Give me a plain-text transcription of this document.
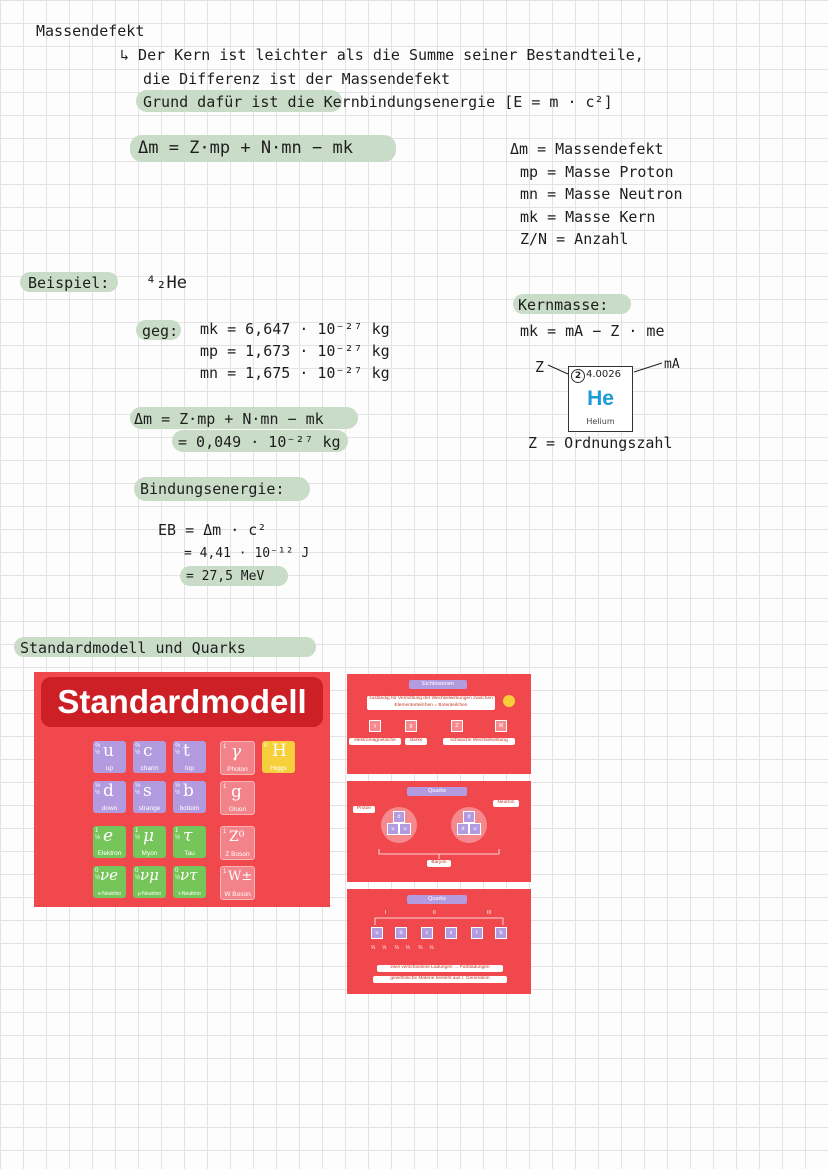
Massendefekt
↳ Der Kern ist leichter als die Summe seiner Bestandteile,
die Differenz ist der Massendefekt
Grund dafür ist die Kernbindungsenergie [E = m · c²]
Δm = Z·mp + N·mn − mk	Δm = Massendefekt
mp = Masse Proton
mn = Masse Neutron
mk = Masse Kern
Z/N = Anzahl
Beispiel: ⁴₂He
geg: mk = 6,647 · 10⁻²⁷ kg
mp = 1,673 · 10⁻²⁷ kg
mn = 1,675 · 10⁻²⁷ kg
Δm = Z·mp + N·mn − mk
= 0,049 · 10⁻²⁷ kg
Bindungsenergie:
EB = Δm · c²
= 4,41 · 10⁻¹² J
= 27,5 MeV
Kernmasse:
mk = mA − Z · me
Z	mA
2 4.0026
He
Helium
Z = Ordnungszahl
Standardmodell und Quarks
Standardmodell
⅔
½ u
up
⅔
½ c
charm
⅔
½ t
top
⅓
½ d
down
⅓
½ s
strange
⅓
½ b
bottom
1
½ e
Elektron
1
½ μ
Myon
1
½ τ
Tau
0
½ νe
e-Neutrino
0
½ νμ
μ-Neutrino
0
½ ντ
τ-Neutrino
1 γ
Photon
1 g
Gluon
1 Z⁰
Z Boson
1 W±
W Boson
0 H
Higgs
Eichbosonen
zuständig für Vermittlung der Wechselwirkungen zwischen Elementarteilchen = Botenteilchen
γ	g	Z	W
elektromagnetische	starke	schwache Wechselwirkung
Quarks
Proton
Neutron
d
u	u
d
d	u
Baryon
Quarks
I	II	III
u	d	c	s	t	b
⅔     ⅓      ⅔     ⅓      ⅔     ⅓
zwei verschiedene Ladungen → Farbladungen
gewöhnliche Materie besteht aus I. Generation
